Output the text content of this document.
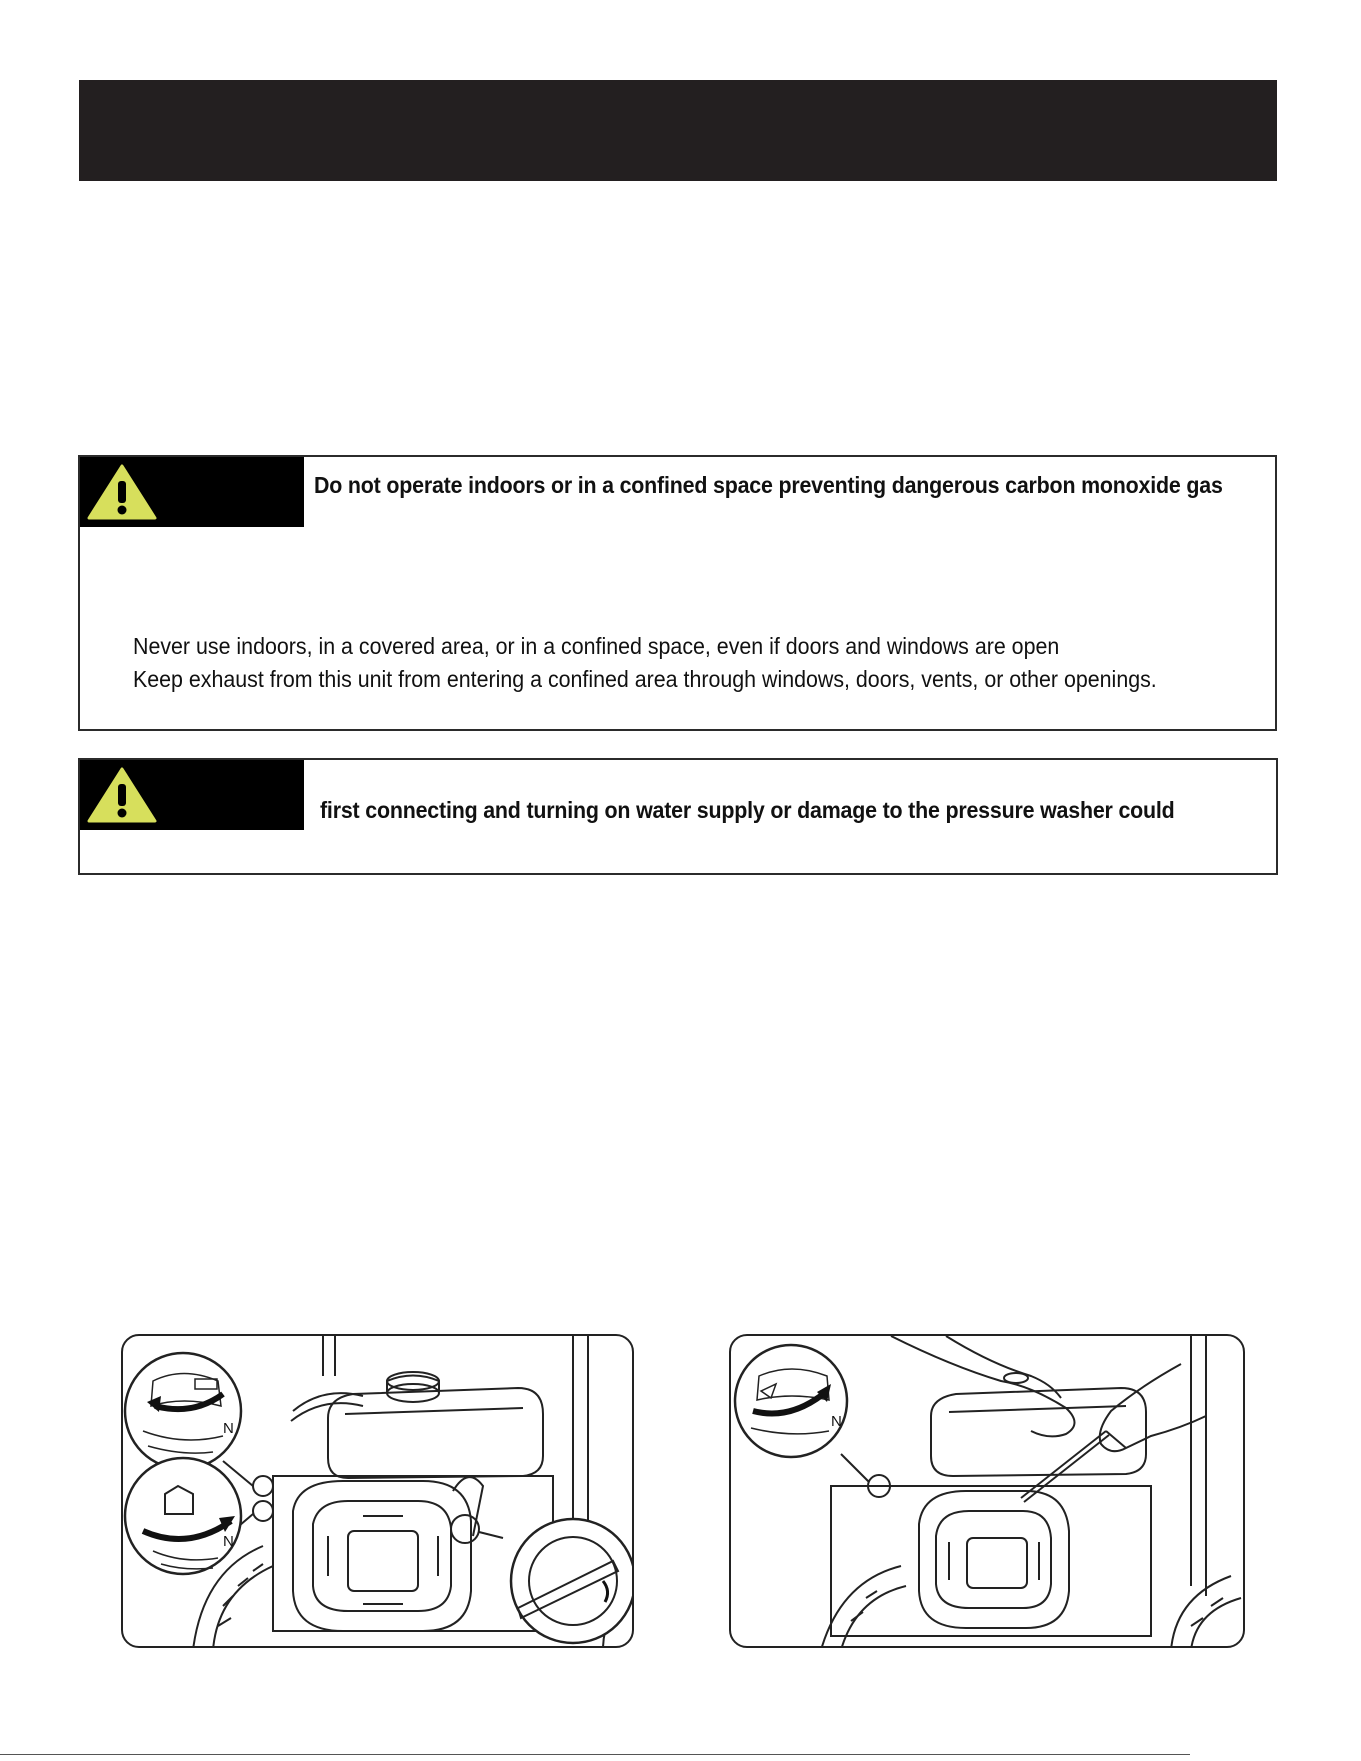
Do not operate indoors or in a confined space preventing dangerous carbon monoxide gas
Never use indoors, in a covered area, or in a confined space, even if doors and windows are open
Keep exhaust from this unit from entering a confined area through windows, doors, vents, or other openings.
first connecting and turning on water supply or damage to the pressure washer could
N
N
N
